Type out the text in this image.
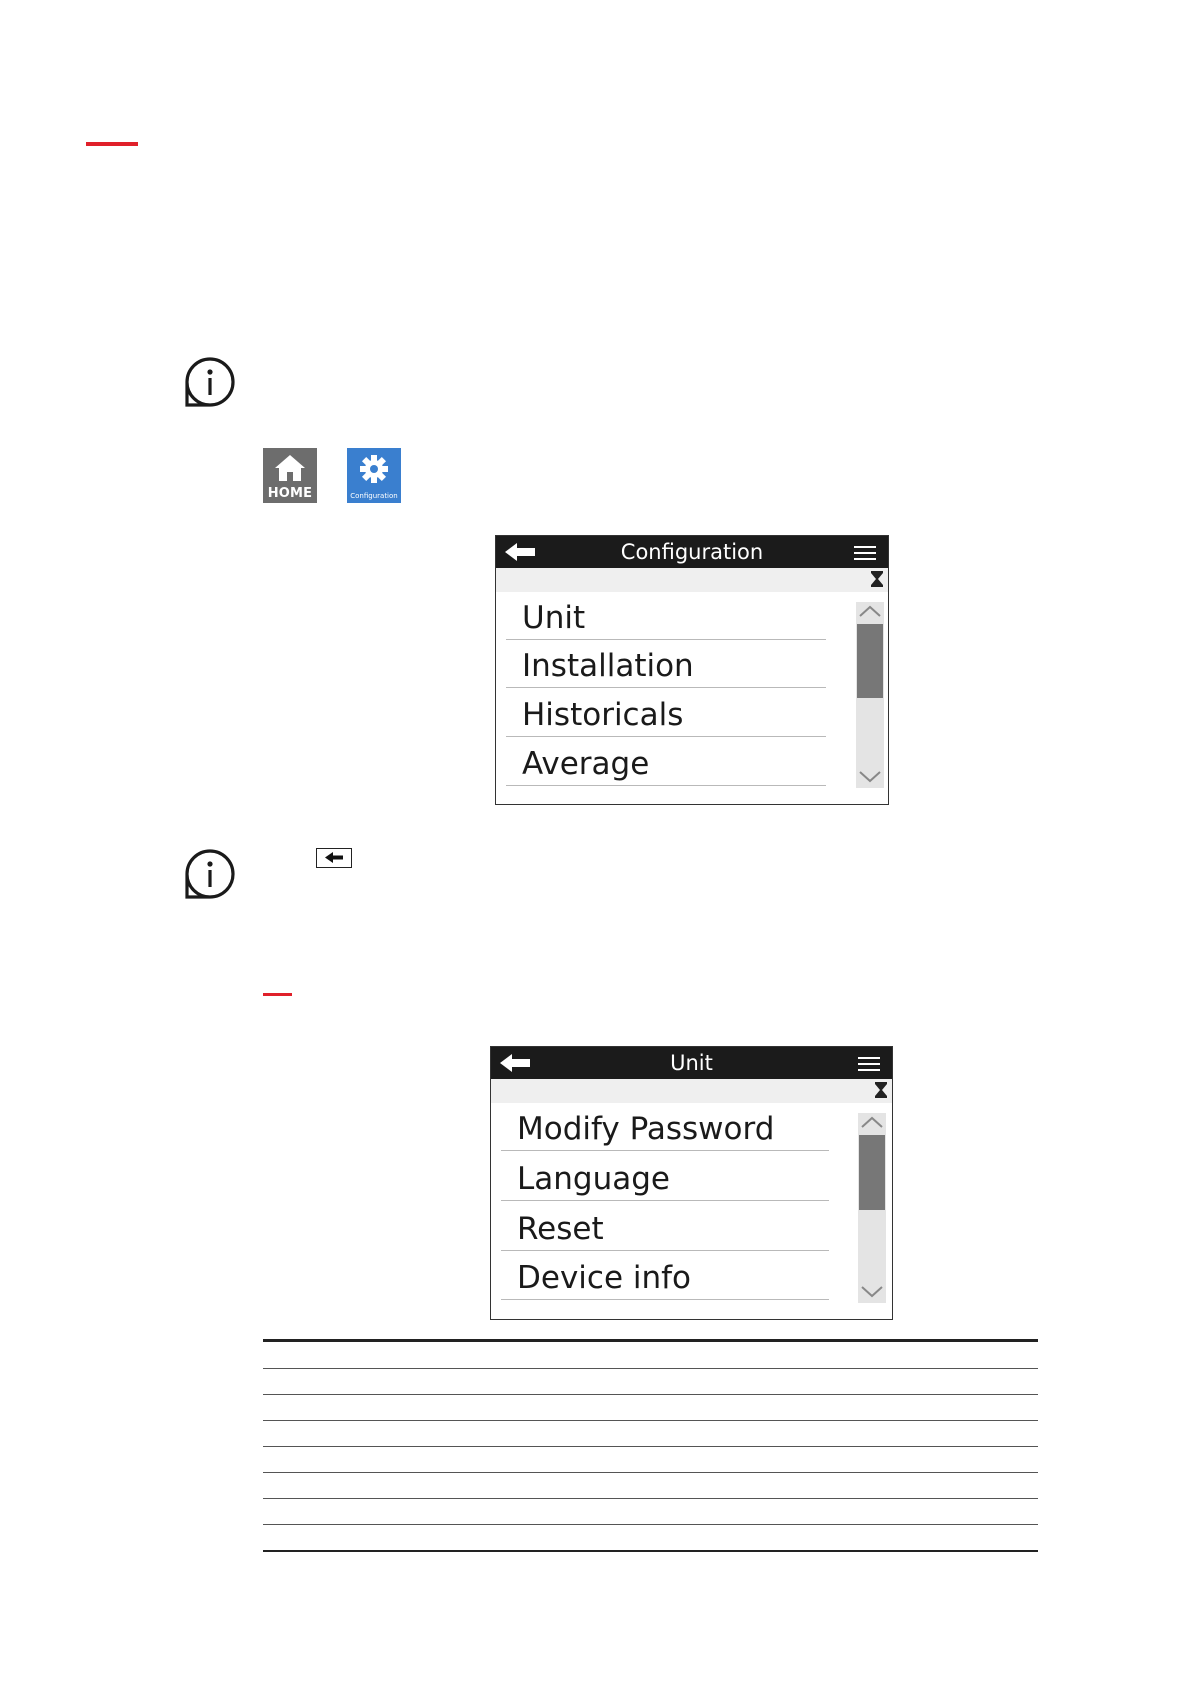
HOME	Configuration
Configuration
Unit
Installation
Historicals
Average
Unit
Modify Password
Language
Reset
Device info
